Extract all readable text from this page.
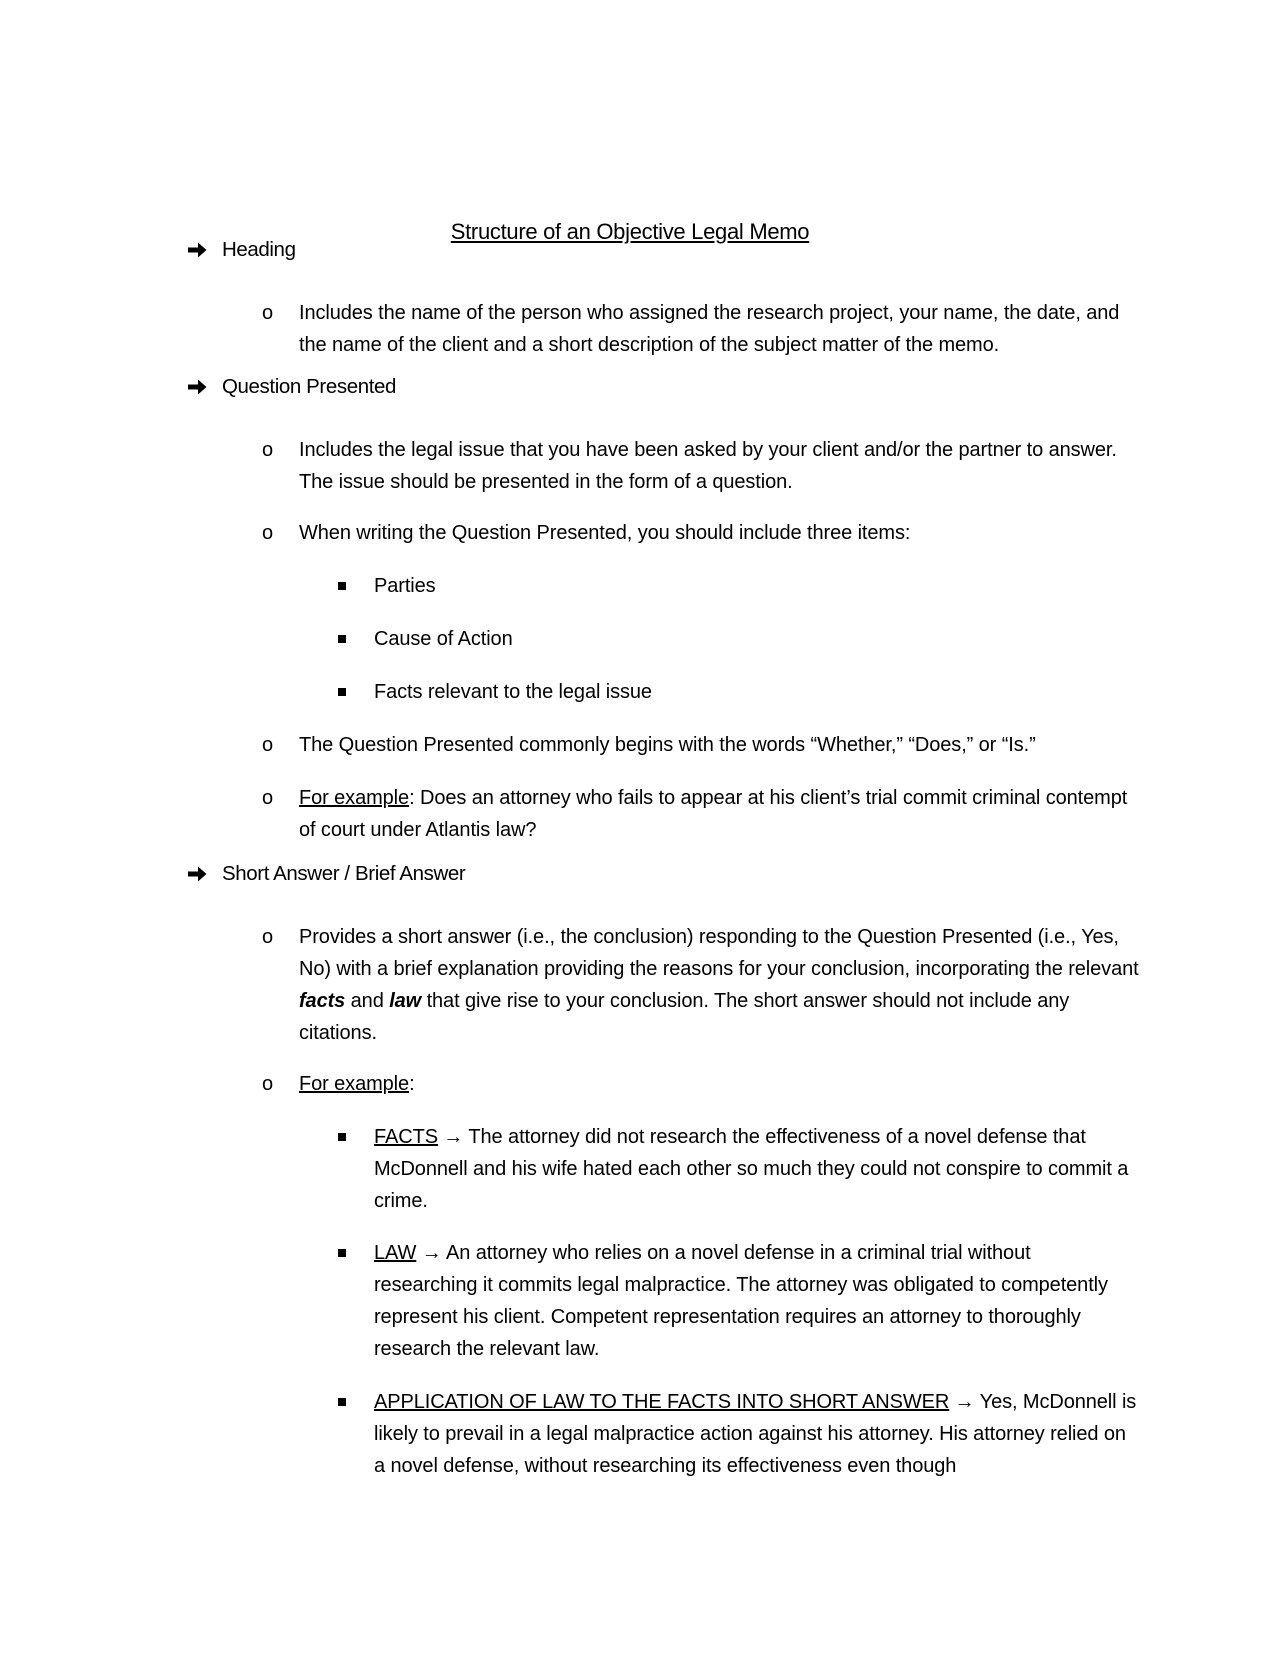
Structure of an Objective Legal Memo
Heading
o Includes the name of the person who assigned the research project, your name, the date, and the name of the client and a short description of the subject matter of the memo.
Question Presented
o Includes the legal issue that you have been asked by your client and/or the partner to answer. The issue should be presented in the form of a question.
o When writing the Question Presented, you should include three items:
Parties
Cause of Action
Facts relevant to the legal issue
o The Question Presented commonly begins with the words “Whether,” “Does,” or “Is.”
o For example: Does an attorney who fails to appear at his client’s trial commit criminal contempt of court under Atlantis law?
Short Answer / Brief Answer
o Provides a short answer (i.e., the conclusion) responding to the Question Presented (i.e., Yes, No) with a brief explanation providing the reasons for your conclusion, incorporating the relevant facts and law that give rise to your conclusion. The short answer should not include any citations.
o For example:
FACTS → The attorney did not research the effectiveness of a novel defense that McDonnell and his wife hated each other so much they could not conspire to commit a crime.
LAW → An attorney who relies on a novel defense in a criminal trial without researching it commits legal malpractice. The attorney was obligated to competently represent his client. Competent representation requires an attorney to thoroughly research the relevant law.
APPLICATION OF LAW TO THE FACTS INTO SHORT ANSWER → Yes, McDonnell is likely to prevail in a legal malpractice action against his attorney. His attorney relied on a novel defense, without researching its effectiveness even though
